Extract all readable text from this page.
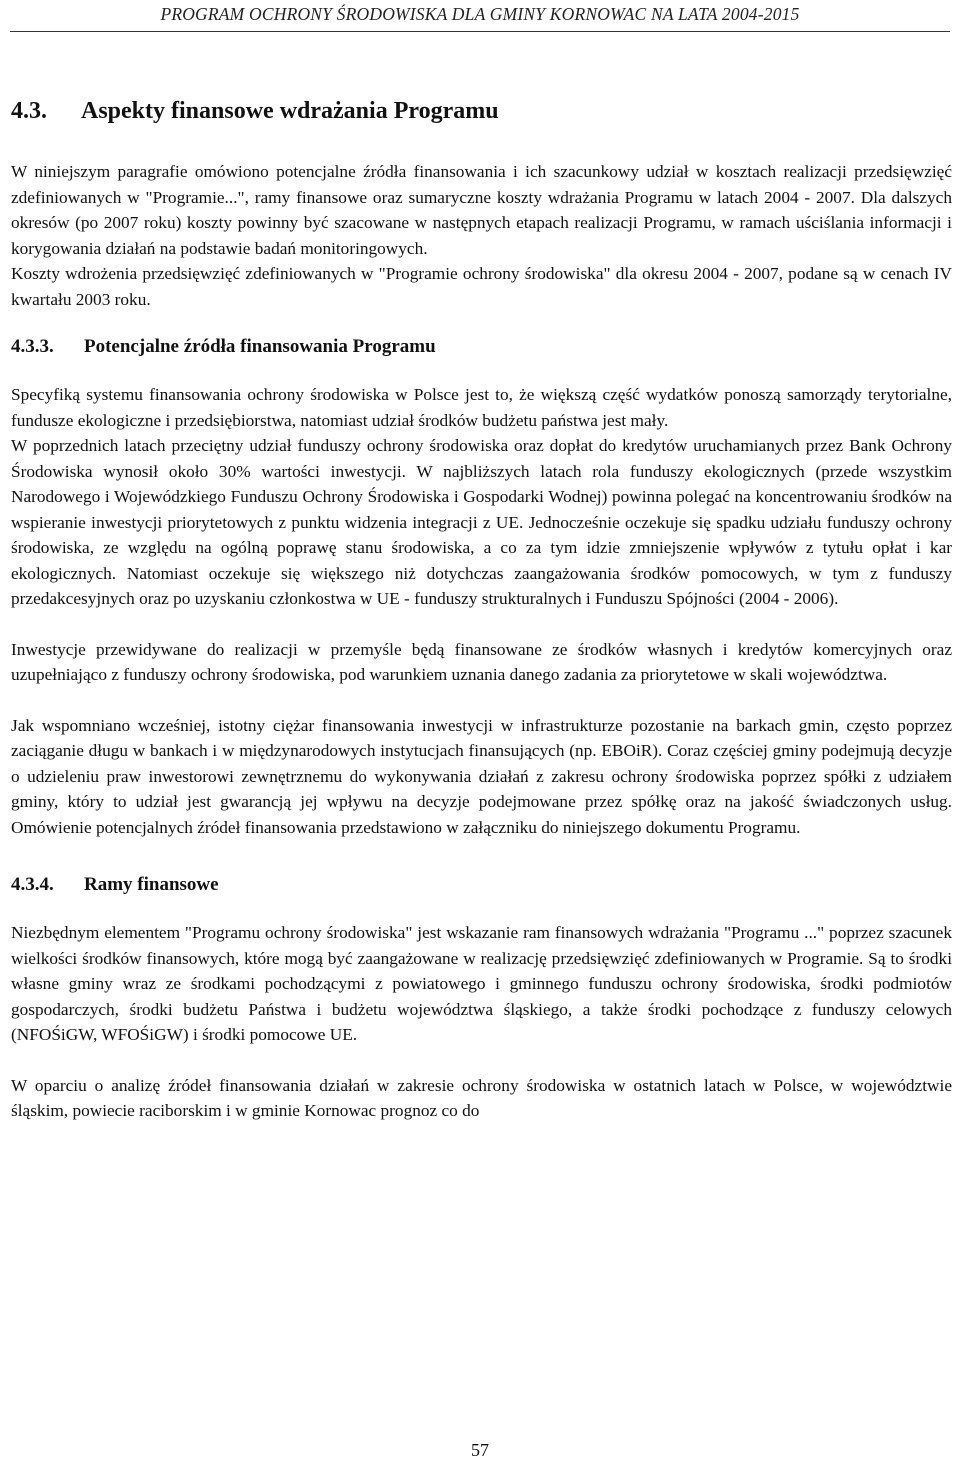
PROGRAM OCHRONY ŚRODOWISKA DLA GMINY KORNOWAC NA LATA 2004-2015
4.3. Aspekty finansowe wdrażania Programu

W niniejszym paragrafie omówiono potencjalne źródła finansowania i ich szacunkowy udział w kosztach realizacji przedsięwzięć zdefiniowanych w "Programie...", ramy finansowe oraz sumaryczne koszty wdrażania Programu w latach 2004 - 2007. Dla dalszych okresów (po 2007 roku) koszty powinny być szacowane w następnych etapach realizacji Programu, w ramach uściślania informacji i korygowania działań na podstawie badań monitoringowych.

Koszty wdrożenia przedsięwzięć zdefiniowanych w "Programie ochrony środowiska" dla okresu 2004 - 2007, podane są w cenach IV kwartału 2003 roku.

4.3.3. Potencjalne źródła finansowania Programu

Specyfiką systemu finansowania ochrony środowiska w Polsce jest to, że większą część wydatków ponoszą samorządy terytorialne, fundusze ekologiczne i przedsiębiorstwa, natomiast udział środków budżetu państwa jest mały.

W poprzednich latach przeciętny udział funduszy ochrony środowiska oraz dopłat do kredytów uruchamianych przez Bank Ochrony Środowiska wynosił około 30% wartości inwestycji. W najbliższych latach rola funduszy ekologicznych (przede wszystkim Narodowego i Wojewódzkiego Funduszu Ochrony Środowiska i Gospodarki Wodnej) powinna polegać na koncentrowaniu środków na wspieranie inwestycji priorytetowych z punktu widzenia integracji z UE. Jednocześnie oczekuje się spadku udziału funduszy ochrony środowiska, ze względu na ogólną poprawę stanu środowiska, a co za tym idzie zmniejszenie wpływów z tytułu opłat i kar ekologicznych. Natomiast oczekuje się większego niż dotychczas zaangażowania środków pomocowych, w tym z funduszy przedakcesyjnych oraz po uzyskaniu członkostwa w UE - funduszy strukturalnych i Funduszu Spójności (2004 - 2006).

Inwestycje przewidywane do realizacji w przemyśle będą finansowane ze środków własnych i kredytów komercyjnych oraz uzupełniająco z funduszy ochrony środowiska, pod warunkiem uznania danego zadania za priorytetowe w skali województwa.

Jak wspomniano wcześniej, istotny ciężar finansowania inwestycji w infrastrukturze pozostanie na barkach gmin, często poprzez zaciąganie długu w bankach i w międzynarodowych instytucjach finansujących (np. EBOiR). Coraz częściej gminy podejmują decyzje o udzieleniu praw inwestorowi zewnętrznemu do wykonywania działań z zakresu ochrony środowiska poprzez spółki z udziałem gminy, który to udział jest gwarancją jej wpływu na decyzje podejmowane przez spółkę oraz na jakość świadczonych usług. Omówienie potencjalnych źródeł finansowania przedstawiono w załączniku do niniejszego dokumentu Programu.

4.3.4. Ramy finansowe

Niezbędnym elementem "Programu ochrony środowiska" jest wskazanie ram finansowych wdrażania "Programu ..." poprzez szacunek wielkości środków finansowych, które mogą być zaangażowane w realizację przedsięwzięć zdefiniowanych w Programie. Są to środki własne gminy wraz ze środkami pochodzącymi z powiatowego i gminnego funduszu ochrony środowiska, środki podmiotów gospodarczych, środki budżetu Państwa i budżetu województwa śląskiego, a także środki pochodzące z funduszy celowych (NFOŚiGW, WFOŚiGW) i środki pomocowe UE.

W oparciu o analizę źródeł finansowania działań w zakresie ochrony środowiska w ostatnich latach w Polsce, w województwie śląskim, powiecie raciborskim i w gminie Kornowac prognoz co do

57
